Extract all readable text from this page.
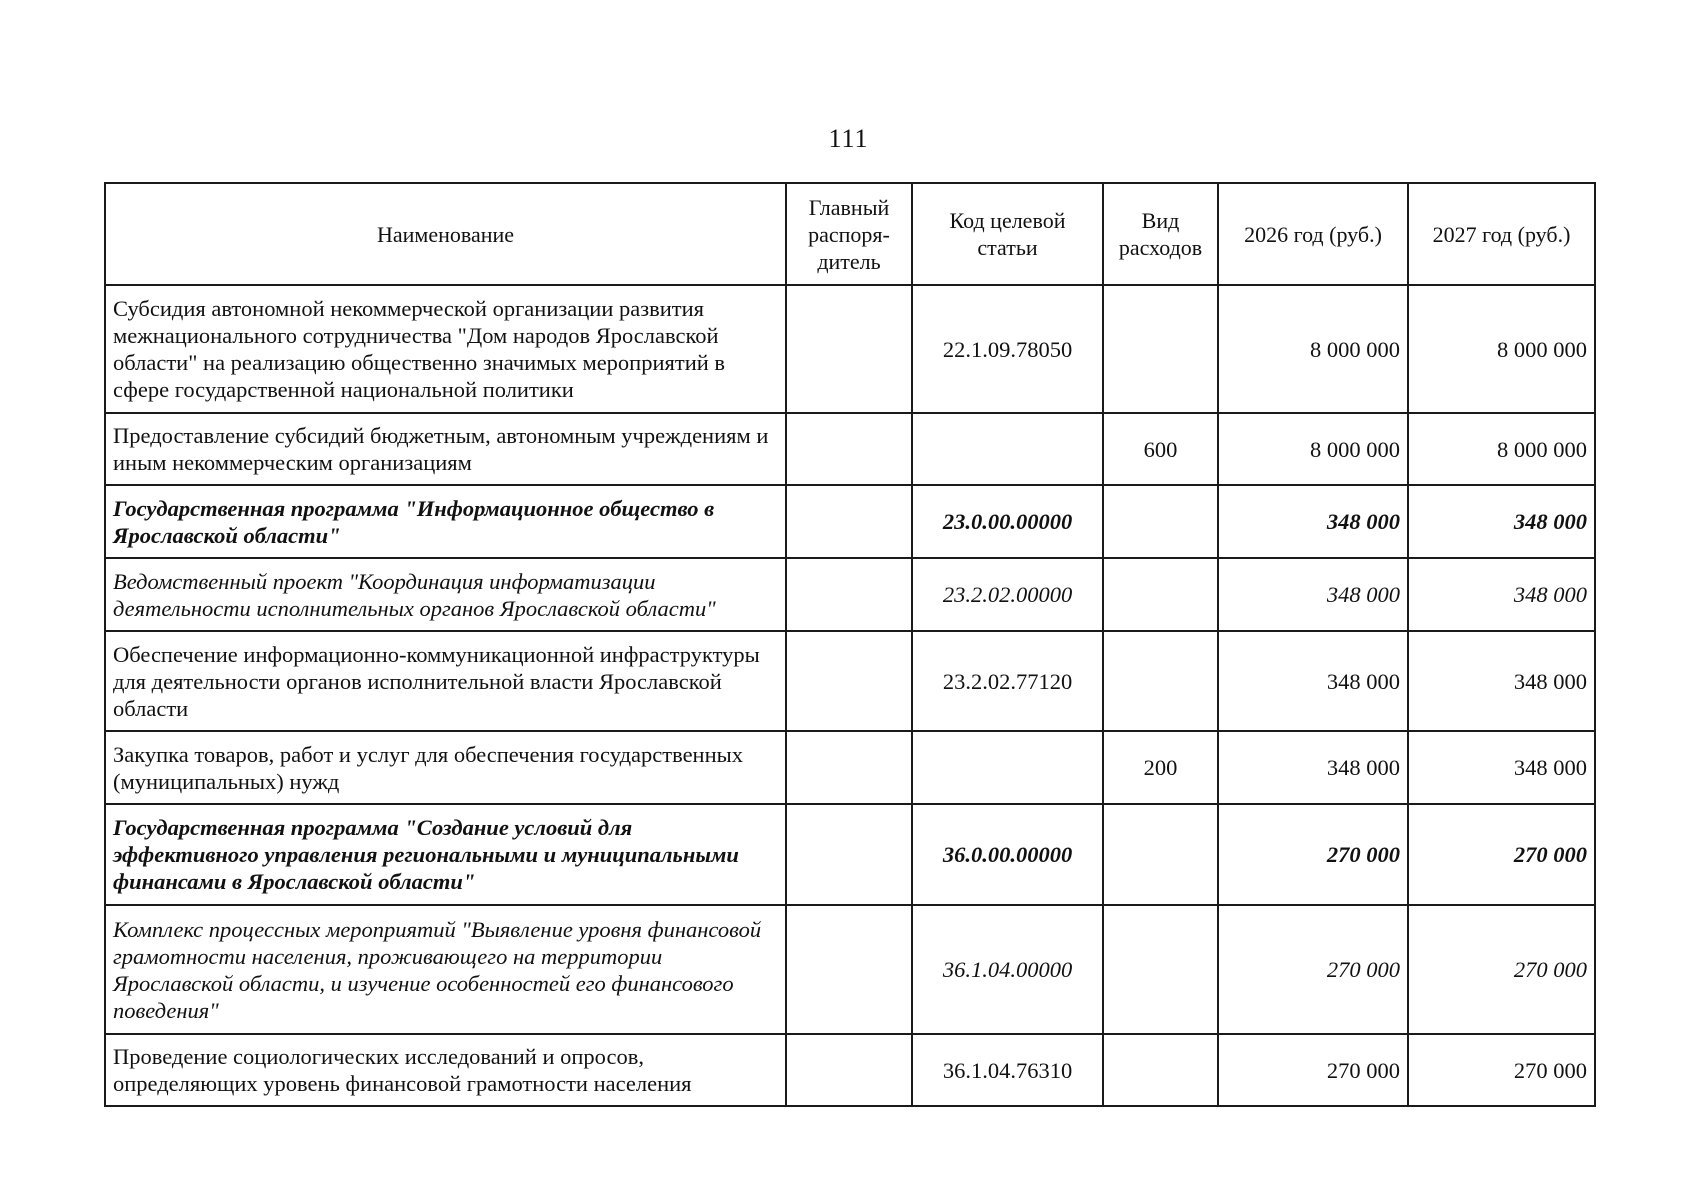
111
Наименование	Главный распоря-дитель	Код целевой статьи	Вид расходов	2026 год (руб.)	2027 год (руб.)
Субсидия автономной некоммерческой организации развития межнационального сотрудничества "Дом народов Ярославской области" на реализацию общественно значимых мероприятий в сфере государственной национальной политики		22.1.09.78050		8 000 000	8 000 000
Предоставление субсидий бюджетным, автономным учреждениям и иным некоммерческим организациям			600	8 000 000	8 000 000
Государственная программа "Информационное общество в Ярославской области"		23.0.00.00000		348 000	348 000
Ведомственный проект "Координация информатизации деятельности исполнительных органов Ярославской области"		23.2.02.00000		348 000	348 000
Обеспечение информационно-коммуникационной инфраструктуры для деятельности органов исполнительной власти Ярославской области		23.2.02.77120		348 000	348 000
Закупка товаров, работ и услуг для обеспечения государственных (муниципальных) нужд			200	348 000	348 000
Государственная программа "Создание условий для эффективного управления региональными и муниципальными финансами в Ярославской области"		36.0.00.00000		270 000	270 000
Комплекс процессных мероприятий "Выявление уровня финансовой грамотности населения, проживающего на территории Ярославской области, и изучение особенностей его финансового поведения"		36.1.04.00000		270 000	270 000
Проведение социологических исследований и опросов, определяющих уровень финансовой грамотности населения		36.1.04.76310		270 000	270 000
